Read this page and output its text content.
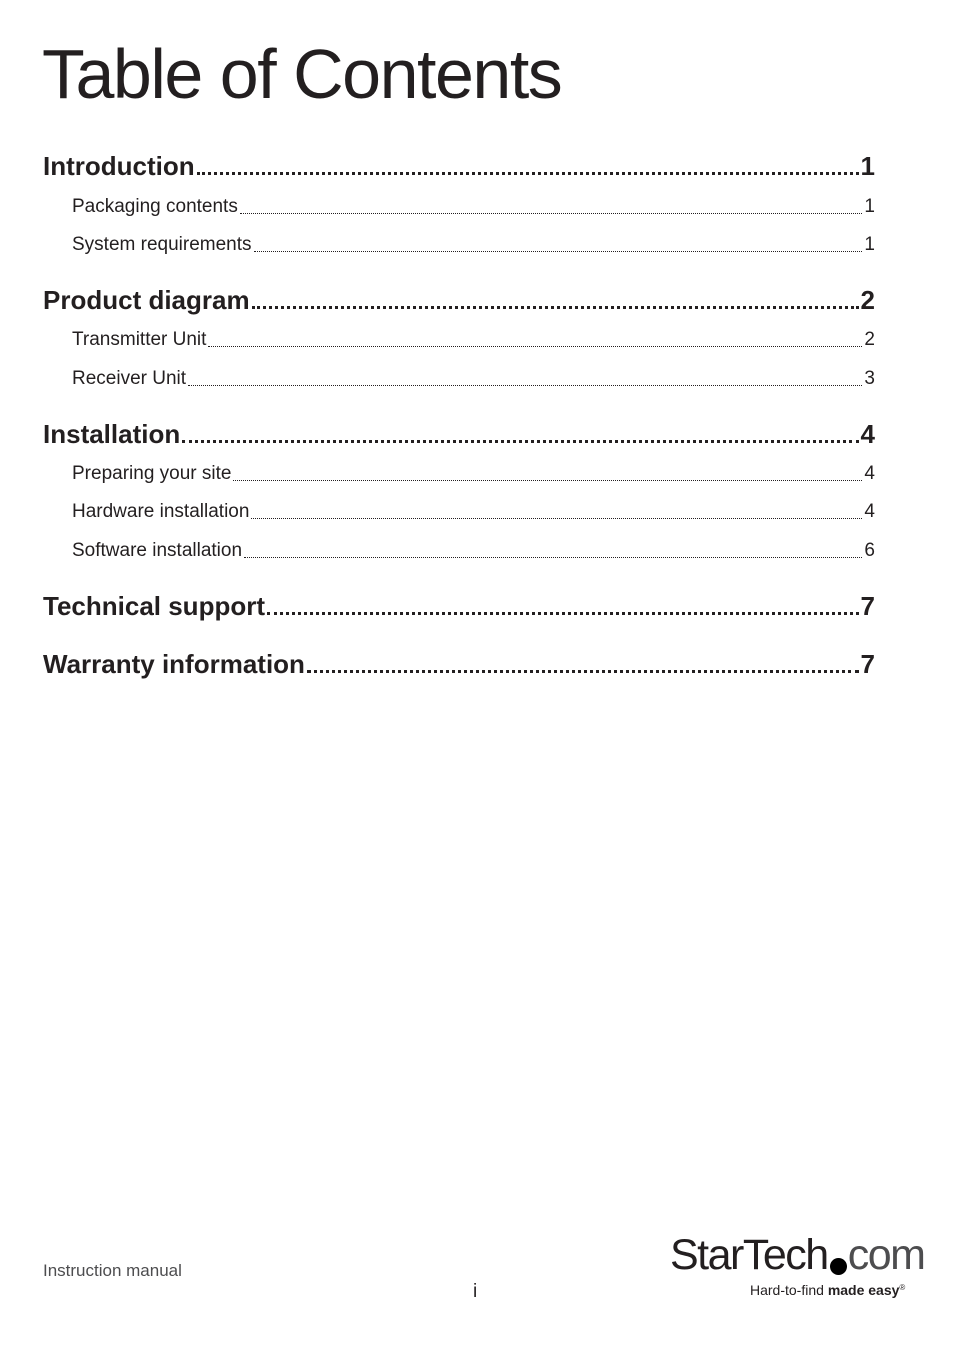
Table of Contents
Introduction	1
Packaging contents	1
System requirements	1
Product diagram	2
Transmitter Unit	2
Receiver Unit	3
Installation	4
Preparing your site	4
Hardware installation	4
Software installation	6
Technical support	7
Warranty information	7
Instruction manual
i
StarTech com
Hard-to-find made easy®
